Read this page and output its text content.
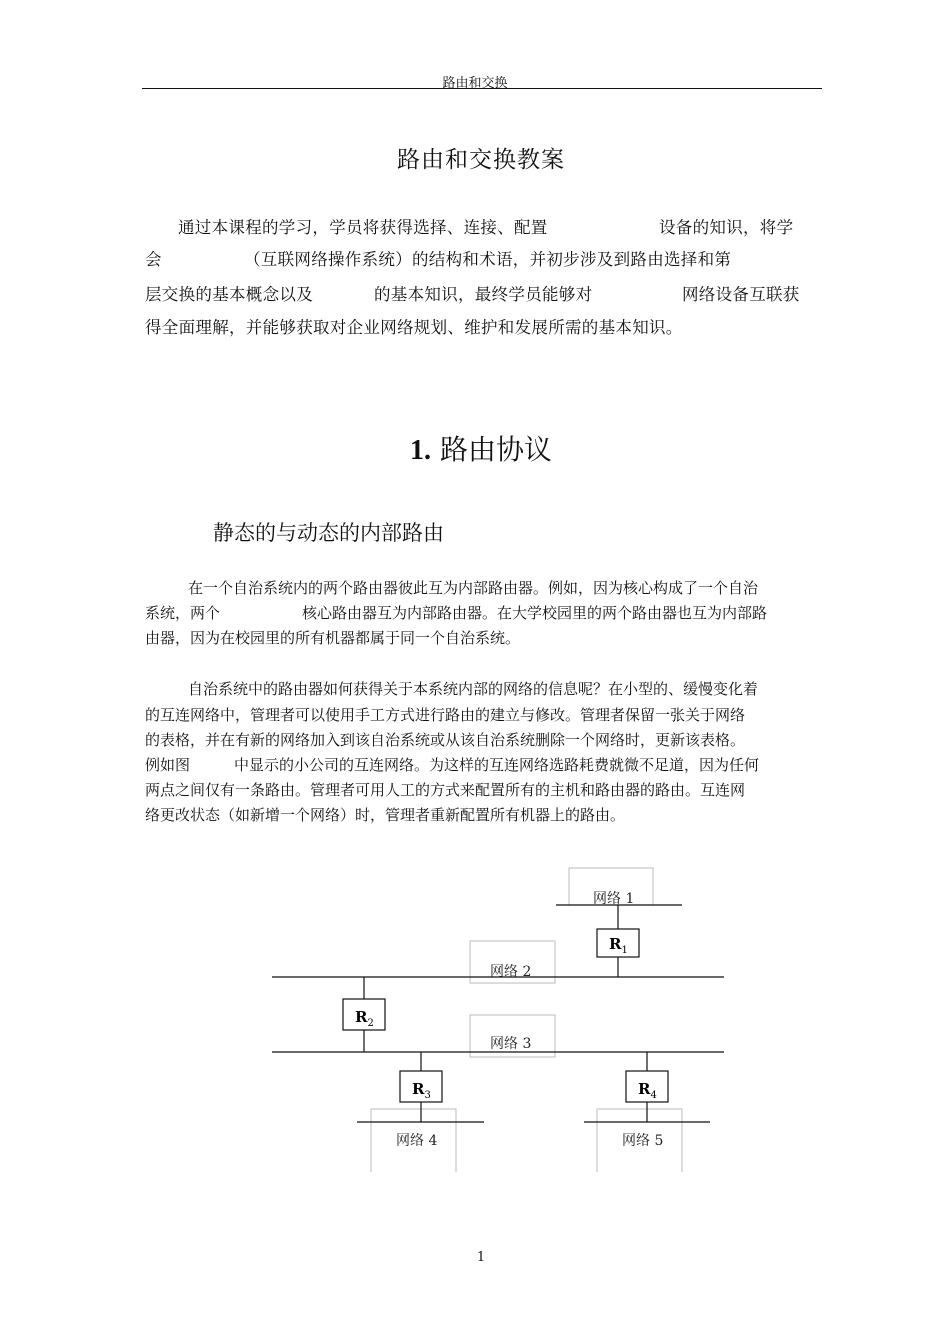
路由和交换
路由和交换教案
通过本课程的学习，学员将获得选择、连接、配置	设备的知识，将学
会	（互联网络操作系统）的结构和术语，并初步涉及到路由选择和第
层交换的基本概念以及	的基本知识，最终学员能够对	网络设备互联获
得全面理解，并能够获取对企业网络规划、维护和发展所需的基本知识。
1. 路由协议
静态的与动态的内部路由
在一个自治系统内的两个路由器彼此互为内部路由器。例如，因为核心构成了一个自治
系统，两个	核心路由器互为内部路由器。在大学校园里的两个路由器也互为内部路
由器，因为在校园里的所有机器都属于同一个自治系统。
自治系统中的路由器如何获得关于本系统内部的网络的信息呢？在小型的、缓慢变化着
的互连网络中，管理者可以使用手工方式进行路由的建立与修改。管理者保留一张关于网络
的表格，并在有新的网络加入到该自治系统或从该自治系统删除一个网络时，更新该表格。
例如图	中显示的小公司的互连网络。为这样的互连网络选路耗费就微不足道，因为任何
两点之间仅有一条路由。管理者可用人工的方式来配置所有的主机和路由器的路由。互连网
络更改状态（如新增一个网络）时，管理者重新配置所有机器上的路由。
$R_1$
$R_2$
$R_3$	$R_4$
网络 1
网络 2
网络 3
网络 4	网络 5
1
